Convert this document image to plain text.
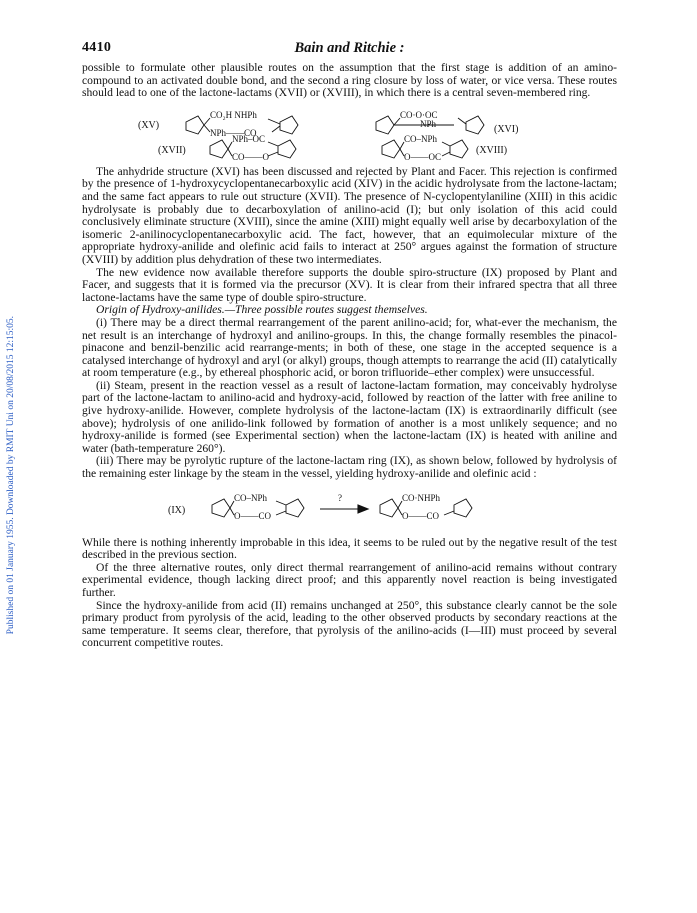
Published on 01 January 1955. Downloaded by RMIT Uni on 20/08/2015 12:15:05.
4410	Bain and Ritchie :

possible to formulate other plausible routes on the assumption that the first stage is addition of an amino-compound to an activated double bond, and the second a ring closure by loss of water, or vice versa. These routes should lead to one of the lactone-lactams (XVII) or (XVIII), in which there is a central seven-membered ring.

(XV)
CO₂H NHPh
NPh——CO
CO·O·OC
NPh	(XVI)
(XVII)
NPh–OC
CO——O
CO–NPh
O——OC
(XVIII)

The anhydride structure (XVI) has been discussed and rejected by Plant and Facer. This rejection is confirmed by the presence of 1-hydroxycyclopentanecarboxylic acid (XIV) in the acidic hydrolysate from the lactone-lactam; and the same fact appears to rule out structure (XVII). The presence of N-cyclopentylaniline (XIII) in this acidic hydrolysate is probably due to decarboxylation of anilino-acid (I); but only isolation of this acid could conclusively eliminate structure (XVIII), since the amine (XIII) might equally well arise by decarboxylation of the isomeric 2-anilinocyclopentanecarboxylic acid. The fact, however, that an equimolecular mixture of the appropriate hydroxy-anilide and olefinic acid fails to interact at 250° argues against the formation of structure (XVIII) by addition plus dehydration of these two intermediates.

The new evidence now available therefore supports the double spiro-structure (IX) proposed by Plant and Facer, and suggests that it is formed via the precursor (XV). It is clear from their infrared spectra that all three lactone-lactams have the same type of double spiro-structure.

Origin of Hydroxy-anilides.—Three possible routes suggest themselves.

(i) There may be a direct thermal rearrangement of the parent anilino-acid; for, what-ever the mechanism, the net result is an interchange of hydroxyl and anilino-groups. In this, the change formally resembles the pinacol-pinacone and benzil-benzilic acid rearrange-ments; in both of these, one stage in the accepted sequence is a catalysed interchange of hydroxyl and aryl (or alkyl) groups, though attempts to rearrange the acid (II) catalytically at room temperature (e.g., by ethereal phosphoric acid, or boron trifluoride–ether complex) were unsuccessful.

(ii) Steam, present in the reaction vessel as a result of lactone-lactam formation, may conceivably hydrolyse part of the lactone-lactam to anilino-acid and hydroxy-acid, followed by reaction of the latter with free aniline to give hydroxy-anilide. However, complete hydrolysis of the lactone-lactam (IX) is extraordinarily difficult (see above); hydrolysis of one anilido-link followed by formation of another is a most unlikely sequence; and no hydroxy-anilide is formed (see Experimental section) when the lactone-lactam (IX) is heated with aniline and water (bath-temperature 260°).

(iii) There may be pyrolytic rupture of the lactone-lactam ring (IX), as shown below, followed by hydrolysis of the remaining ester linkage by the steam in the vessel, yielding hydroxy-anilide and olefinic acid :

(IX)
CO–NPh
O——CO
?	CO·NHPh
O——CO

While there is nothing inherently improbable in this idea, it seems to be ruled out by the negative result of the test described in the previous section.

Of the three alternative routes, only direct thermal rearrangement of anilino-acid remains without contrary experimental evidence, though lacking direct proof; and this apparently novel reaction is being investigated further.

Since the hydroxy-anilide from acid (II) remains unchanged at 250°, this substance clearly cannot be the sole primary product from pyrolysis of the acid, leading to the other observed products by secondary reactions at the same temperature. It seems clear, therefore, that pyrolysis of the anilino-acids (I—III) must proceed by several concurrent competitive routes.
